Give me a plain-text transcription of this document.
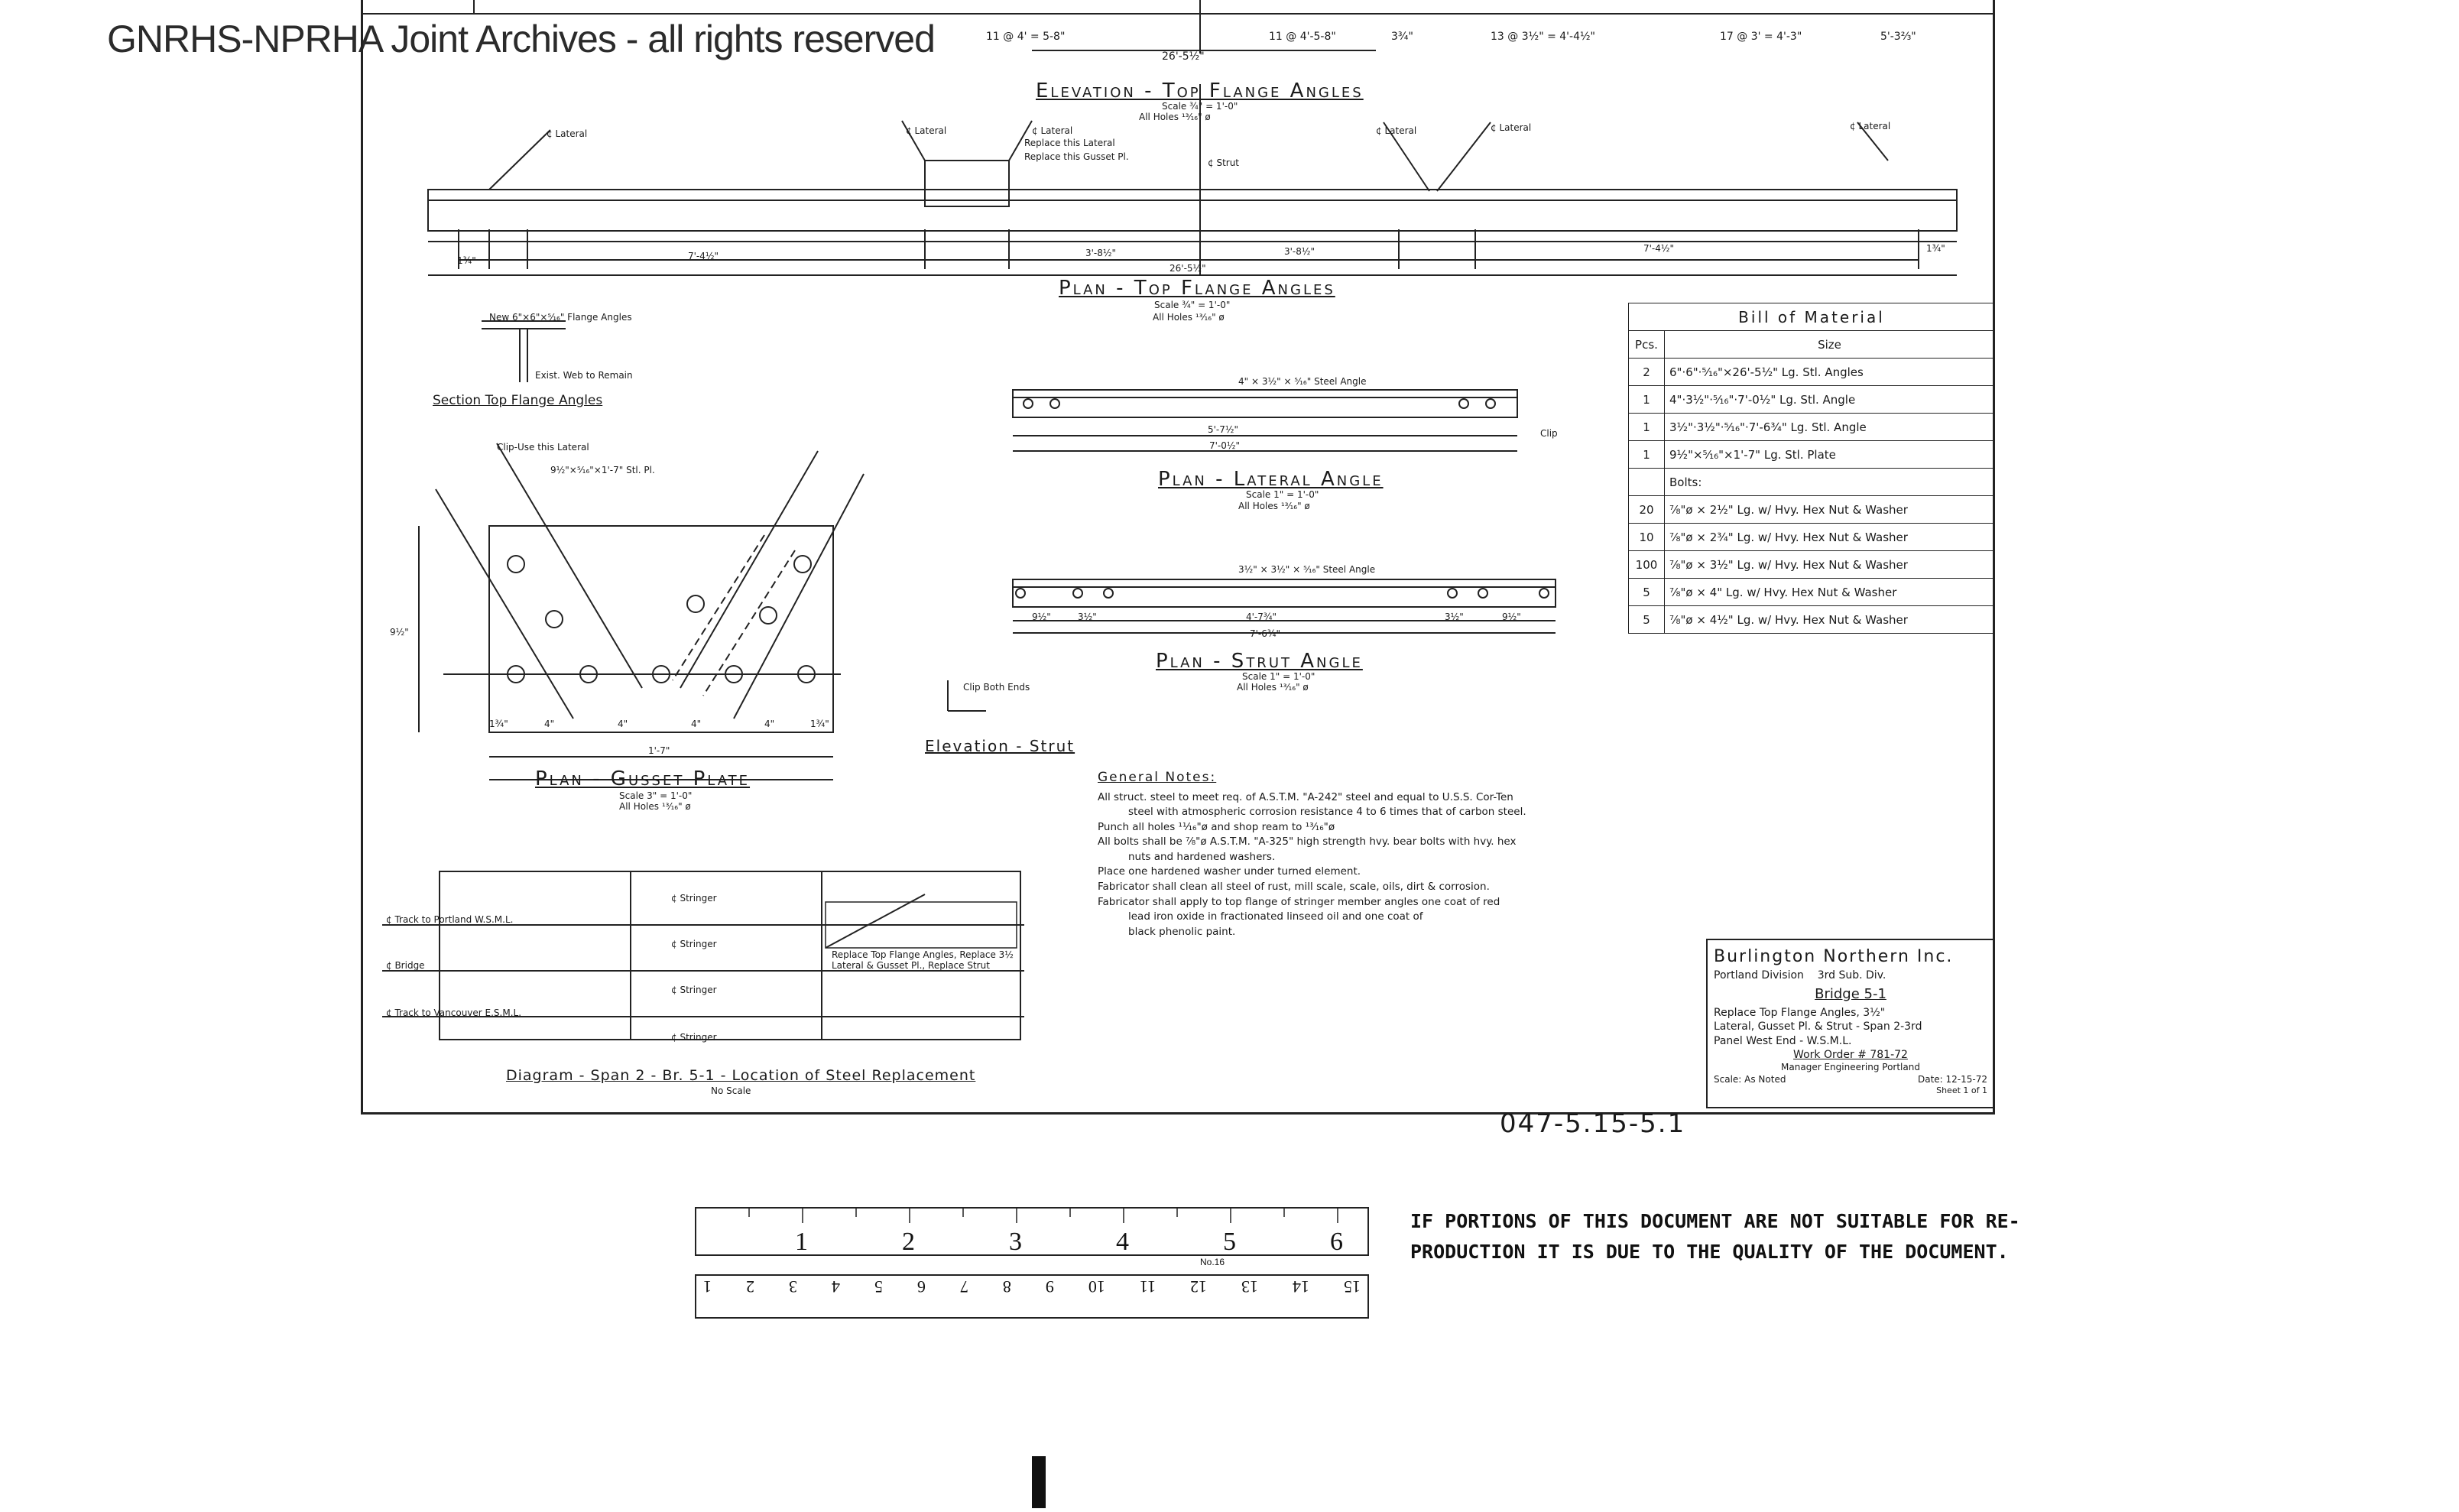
GNRHS-NPRHA Joint Archives - all rights reserved	11 @ 4' = 5-8"	11 @ 4'-5-8"	3¾"	13 @ 3½" = 4'-4½"	17 @ 3' = 4'-3"	5'-3⅔"
26'-5½"
Elevation - Top Flange Angles
Scale ¾" = 1'-0"
All Holes ¹³⁄₁₆" ø
¢ Lateral	¢ Lateral	¢ Lateral
Replace this Lateral
Replace this Gusset Pl.
¢ Strut
¢ Lateral	¢ Lateral	¢ Lateral
1¾"	7'-4½"	3'-8½"	3'-8½"	7'-4½"	1¾"
26'-5½"
Plan - Top Flange Angles
Scale ¾" = 1'-0"
All Holes ¹³⁄₁₆" ø
New 6"×6"×⁵⁄₁₆" Flange Angles
Exist. Web to Remain
Section Top Flange Angles
Clip-Use this Lateral
9½"×⁵⁄₁₆"×1'-7" Stl. Pl.
9½"
1¾"	4"	4"	4"	4"	1¾"
1'-7"
Plan - Gusset Plate
Scale 3" = 1'-0"
All Holes ¹³⁄₁₆" ø
4" × 3½" × ⁵⁄₁₆" Steel Angle
5'-7½"
7'-0½"
Clip
Plan - Lateral Angle
Scale 1" = 1'-0"
All Holes ¹³⁄₁₆" ø
3½" × 3½" × ⁵⁄₁₆" Steel Angle
9½"	3½"	4'-7¾"	3½"	9½"
7'-6¾"
Plan - Strut Angle
Scale 1" = 1'-0"
All Holes ¹³⁄₁₆" ø
Clip Both Ends
Elevation - Strut
Bill of Material	
Pcs.	Size
2	6"·6"·⁵⁄₁₆"×26'-5½" Lg. Stl. Angles
1	4"·3½"·⁵⁄₁₆"·7'-0½" Lg. Stl. Angle
1	3½"·3½"·⁵⁄₁₆"·7'-6¾" Lg. Stl. Angle
1	9½"×⁵⁄₁₆"×1'-7" Lg. Stl. Plate
	Bolts:
20	⁷⁄₈"ø × 2½" Lg. w/ Hvy. Hex Nut & Washer
10	⁷⁄₈"ø × 2¾" Lg. w/ Hvy. Hex Nut & Washer
100	⁷⁄₈"ø × 3½" Lg. w/ Hvy. Hex Nut & Washer
5	⁷⁄₈"ø × 4" Lg. w/ Hvy. Hex Nut & Washer
5	⁷⁄₈"ø × 4½" Lg. w/ Hvy. Hex Nut & Washer

General Notes:

All struct. steel to meet req. of A.S.T.M. "A-242" steel and equal to U.S.S. Cor-Ten

steel with atmospheric corrosion resistance 4 to 6 times that of carbon steel.

Punch all holes ¹¹⁄₁₆"ø and shop ream to ¹³⁄₁₆"ø

All bolts shall be ⁷⁄₈"ø A.S.T.M. "A-325" high strength hvy. bear bolts with hvy. hex

nuts and hardened washers.

Place one hardened washer under turned element.

Fabricator shall clean all steel of rust, mill scale, scale, oils, dirt & corrosion.

Fabricator shall apply to top flange of stringer member angles one coat of red

lead iron oxide in fractionated linseed oil and one coat of

black phenolic paint.

¢ Stringer
¢ Stringer
¢ Stringer
¢ Stringer
¢ Track to Portland W.S.M.L.
¢ Bridge
¢ Track to Vancouver E.S.M.L.
Replace Top Flange Angles, Replace 3½ Lateral & Gusset Pl., Replace Strut
Diagram - Span 2 - Br. 5-1 - Location of Steel Replacement
No Scale
Burlington Northern Inc.
Portland Division 3rd Sub. Div.
Bridge 5-1
Replace Top Flange Angles, 3½"
Lateral, Gusset Pl. & Strut - Span 2-3rd
Panel West End - W.S.M.L.
Work Order # 781-72
Manager Engineering Portland
Scale: As Noted	Date: 12-15-72
Sheet 1 of 1
047-5.15-5.1
1	2	3	4	5	6
No.16
1 2 3 4 5 6 7 8 9 10 11 12 13 14 15
IF PORTIONS OF THIS DOCUMENT ARE NOT SUITABLE FOR RE-
PRODUCTION IT IS DUE TO THE QUALITY OF THE DOCUMENT.
